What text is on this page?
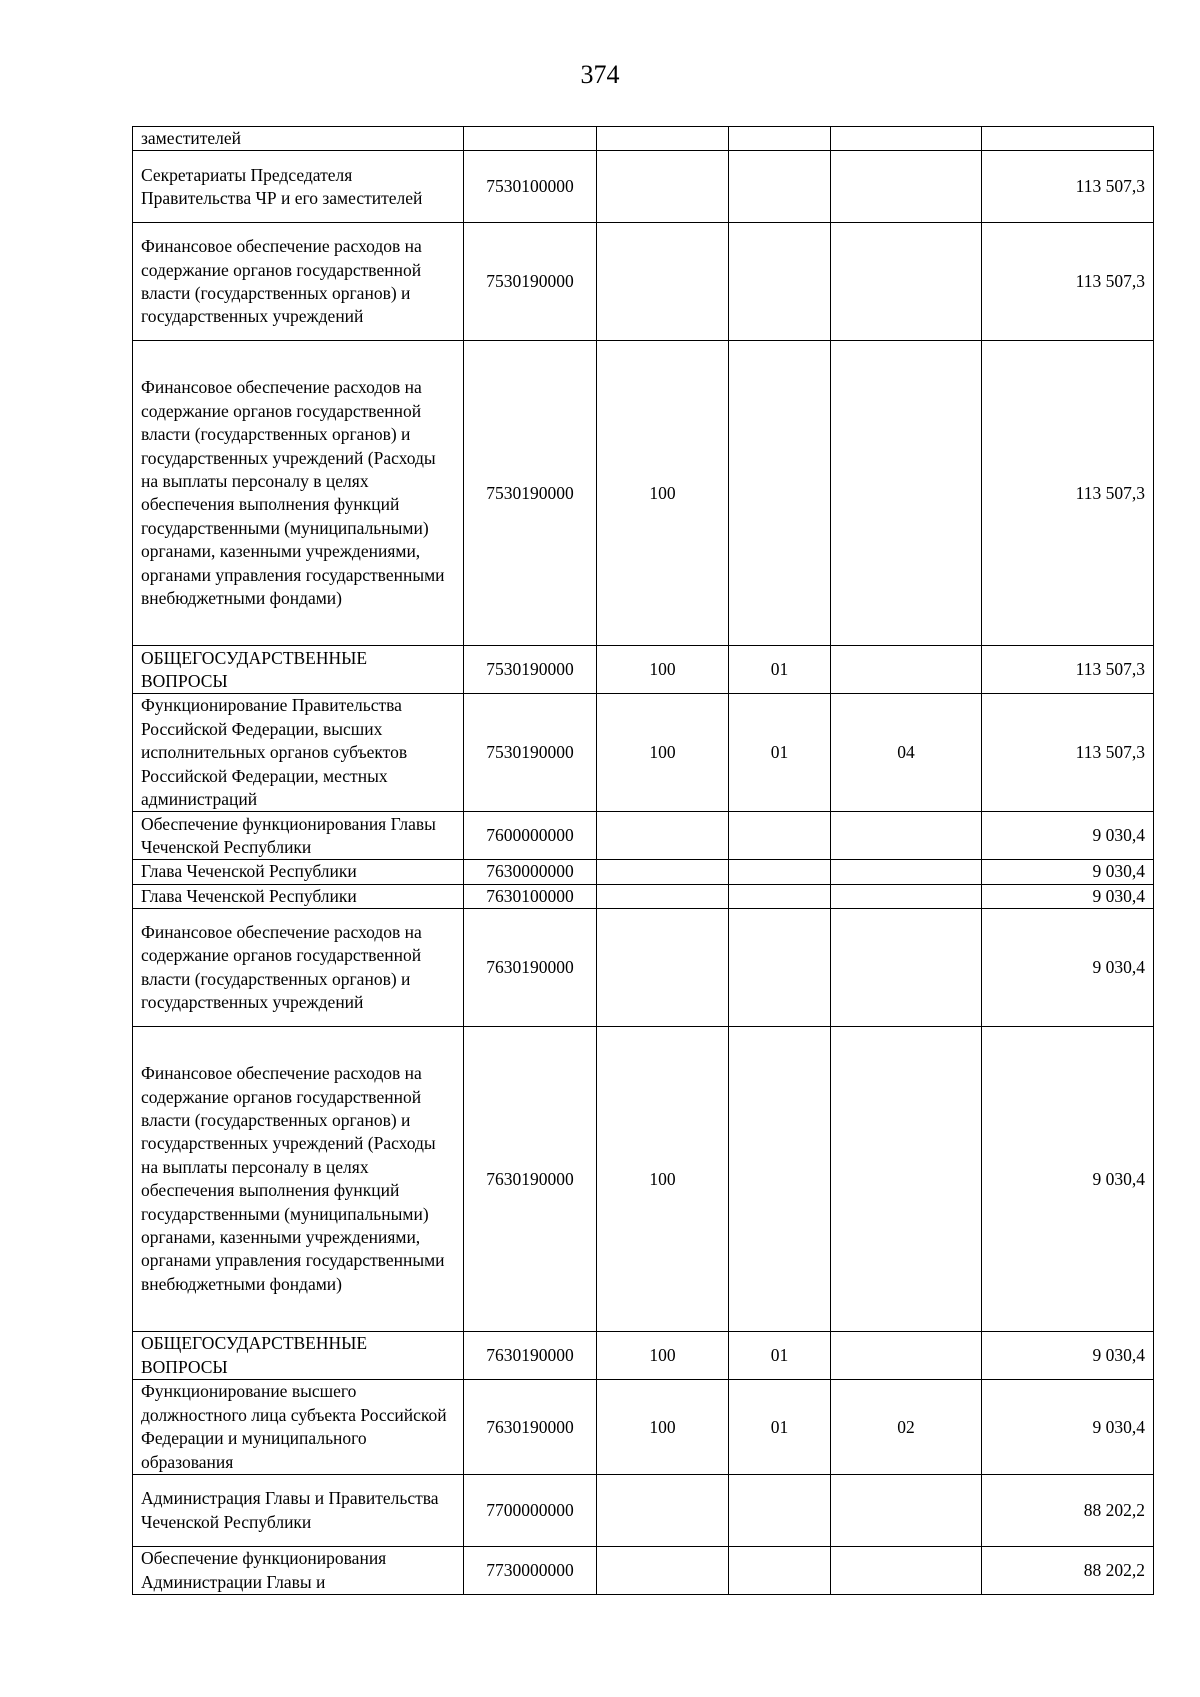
374
заместителей					
Секретариаты Председателя Правительства ЧР и его заместителей	7530100000				113 507,3
Финансовое обеспечение расходов на содержание органов государственной власти (государственных органов) и государственных учреждений	7530190000				113 507,3
Финансовое обеспечение расходов на содержание органов государственной власти (государственных органов) и государственных учреждений (Расходы на выплаты персоналу в целях обеспечения выполнения функций государственными (муниципальными) органами, казенными учреждениями, органами управления государственными внебюджетными фондами)	7530190000	100			113 507,3
ОБЩЕГОСУДАРСТВЕННЫЕ ВОПРОСЫ	7530190000	100	01		113 507,3
Функционирование Правительства Российской Федерации, высших исполнительных органов субъектов Российской Федерации, местных администраций	7530190000	100	01	04	113 507,3
Обеспечение функционирования Главы Чеченской Республики	7600000000				9 030,4
Глава Чеченской Республики	7630000000				9 030,4
Глава Чеченской Республики	7630100000				9 030,4
Финансовое обеспечение расходов на содержание органов государственной власти (государственных органов) и государственных учреждений	7630190000				9 030,4
Финансовое обеспечение расходов на содержание органов государственной власти (государственных органов) и государственных учреждений (Расходы на выплаты персоналу в целях обеспечения выполнения функций государственными (муниципальными) органами, казенными учреждениями, органами управления государственными внебюджетными фондами)	7630190000	100			9 030,4
ОБЩЕГОСУДАРСТВЕННЫЕ ВОПРОСЫ	7630190000	100	01		9 030,4
Функционирование высшего должностного лица субъекта Российской Федерации и муниципального образования	7630190000	100	01	02	9 030,4
Администрация Главы и Правительства Чеченской Республики	7700000000				88 202,2
Обеспечение функционирования Администрации Главы и	7730000000				88 202,2
